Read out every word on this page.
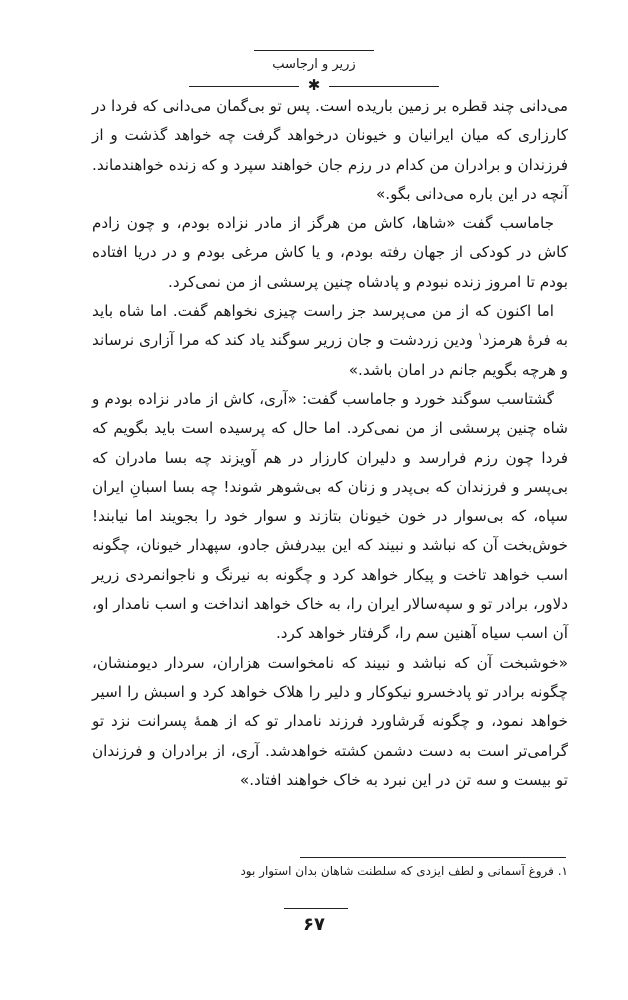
زریر و ارجاسب
✱

می‌دانی چند قطره بر زمین باریده است. پس تو بی‌گمان می‌دانی که فردا در کارزاری که میان ایرانیان و خیونان درخواهد گرفت چه خواهد گذشت و از فرزندان و برادران من کدام در رزم جان خواهند سپرد و که زنده خواهندماند. آنچه در این باره می‌دانی بگو.»

جاماسب گفت «شاها، کاش من هرگز از مادر نزاده بودم، و چون زادم کاش در کودکی از جهان رفته بودم، و یا کاش مرغی بودم و در دریا افتاده بودم تا امروز زنده نبودم و پادشاه چنین پرسشی از من نمی‌کرد.

اما اکنون که از من می‌پرسد جز راست چیزی نخواهم گفت. اما شاه باید به فرهٔ هرمزد$^۱$ ودین زردشت و جان زریر سوگند یاد کند که مرا آزاری نرساند و هرچه بگویم جانم در امان باشد.»

گشتاسب سوگند خورد و جاماسب گفت: «آری، کاش از مادر نزاده بودم و شاه چنین پرسشی از من نمی‌کرد. اما حال که پرسیده است باید بگویم که فردا چون رزم فرارسد و دلیران کارزار در هم آویزند چه بسا مادران که بی‌پسر و فرزندان که بی‌پدر و زنان که بی‌شوهر شوند! چه بسا اسبانِ ایران سپاه، که بی‌سوار در خون خیونان بتازند و سوار خود را بجویند اما نیابند! خوش‌بخت آن که نباشد و نبیند که این بیدرفش جادو، سپهدار خیونان، چگونه اسب خواهد تاخت و پیکار خواهد کرد و چگونه به نیرنگ و ناجوانمردی زریر دلاور، برادر تو و سپه‌سالار ایران را، به خاک خواهد انداخت و اسب نامدار او، آن اسب سیاه آهنین سم را، گرفتار خواهد کرد.

«خوشبخت آن که نباشد و نبیند که نامخواست هزاران، سردار دیومنشان، چگونه برادر تو پادخسرو نیکوکار و دلیر را هلاک خواهد کرد و اسبش را اسیر خواهد نمود، و چگونه فَرشاورد فرزند نامدار تو که از همهٔ پسرانت نزد تو گرامی‌تر است به دست دشمن کشته خواهدشد. آری، از برادران و فرزندان تو بیست و سه تن در این نبرد به خاک خواهند افتاد.»

۱. فروغ آسمانی و لطف ایزدی که سلطنت شاهان بدان استوار بود
۶۷
